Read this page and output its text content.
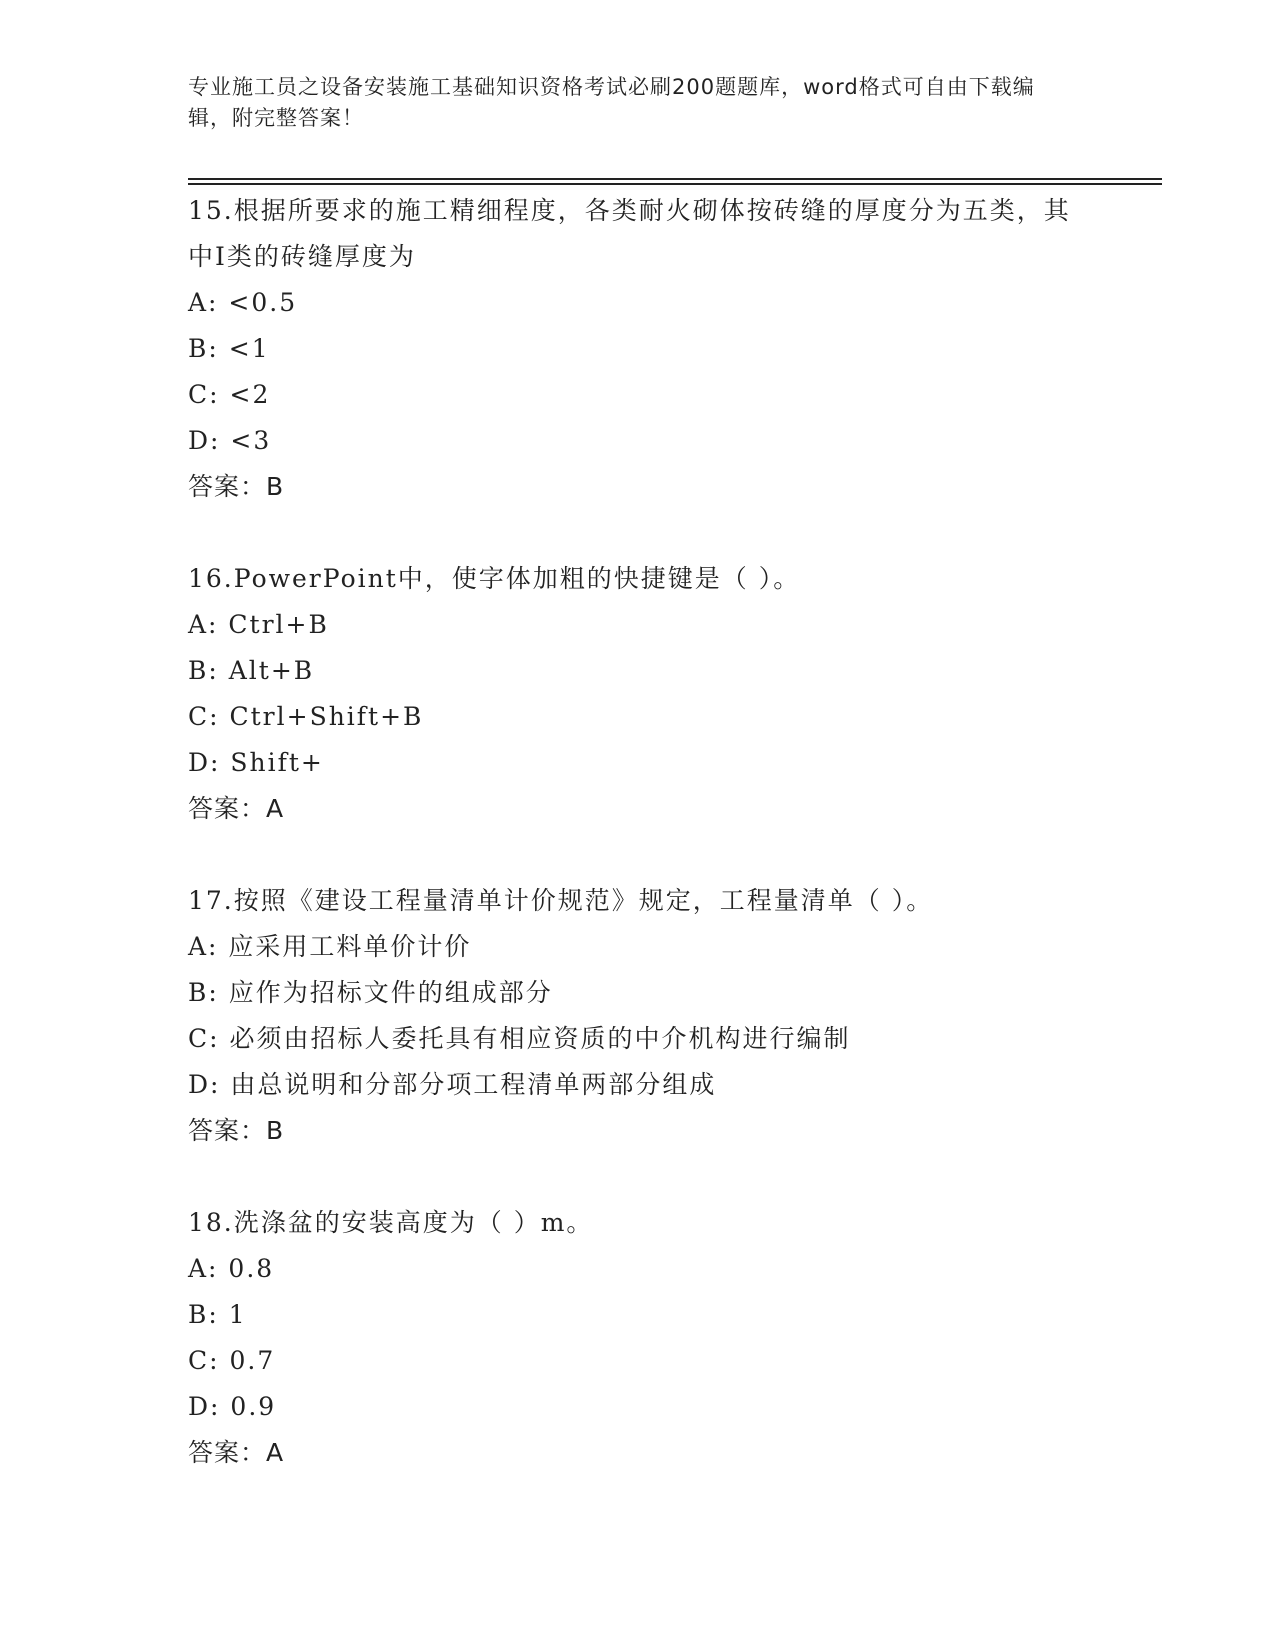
专业施工员之设备安装施工基础知识资格考试必刷200题题库，word格式可自由下载编辑，附完整答案！
15.根据所要求的施工精细程度，各类耐火砌体按砖缝的厚度分为五类，其中Ⅰ类的砖缝厚度为
A: <0.5
B: <1
C: <2
D: <3
答案：B
16.PowerPoint中，使字体加粗的快捷键是（ ）。
A: Ctrl+B
B: Alt+B
C: Ctrl+Shift+B
D: Shift+
答案：A
17.按照《建设工程量清单计价规范》规定，工程量清单（ ）。
A: 应采用工料单价计价
B: 应作为招标文件的组成部分
C: 必须由招标人委托具有相应资质的中介机构进行编制
D: 由总说明和分部分项工程清单两部分组成
答案：B
18.洗涤盆的安装高度为（ ）m。
A: 0.8
B: 1
C: 0.7
D: 0.9
答案：A
